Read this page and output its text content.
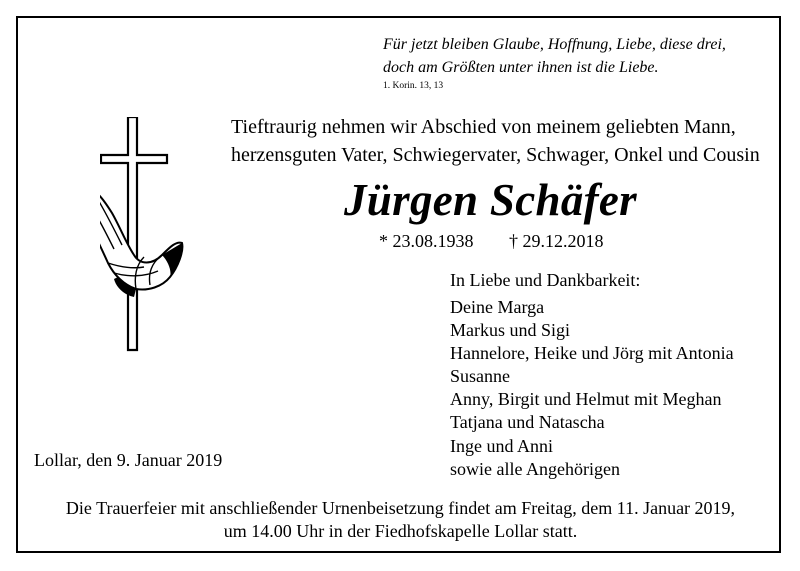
Für jetzt bleiben Glaube, Hoffnung, Liebe, diese drei,
doch am Größten unter ihnen ist die Liebe.
1. Korin. 13, 13
Tieftraurig nehmen wir Abschied von meinem geliebten Mann,
herzensguten Vater, Schwiegervater, Schwager, Onkel und Cousin
Jürgen Schäfer
* 23.08.1938 † 29.12.2018
In Liebe und Dankbarkeit:
Deine Marga
Markus und Sigi
Hannelore, Heike und Jörg mit Antonia
Susanne
Anny, Birgit und Helmut mit Meghan
Tatjana und Natascha
Inge und Anni
sowie alle Angehörigen
Lollar, den 9. Januar 2019
Die Trauerfeier mit anschließender Urnenbeisetzung findet am Freitag, dem 11. Januar 2019,
um 14.00 Uhr in der Fiedhofskapelle Lollar statt.
